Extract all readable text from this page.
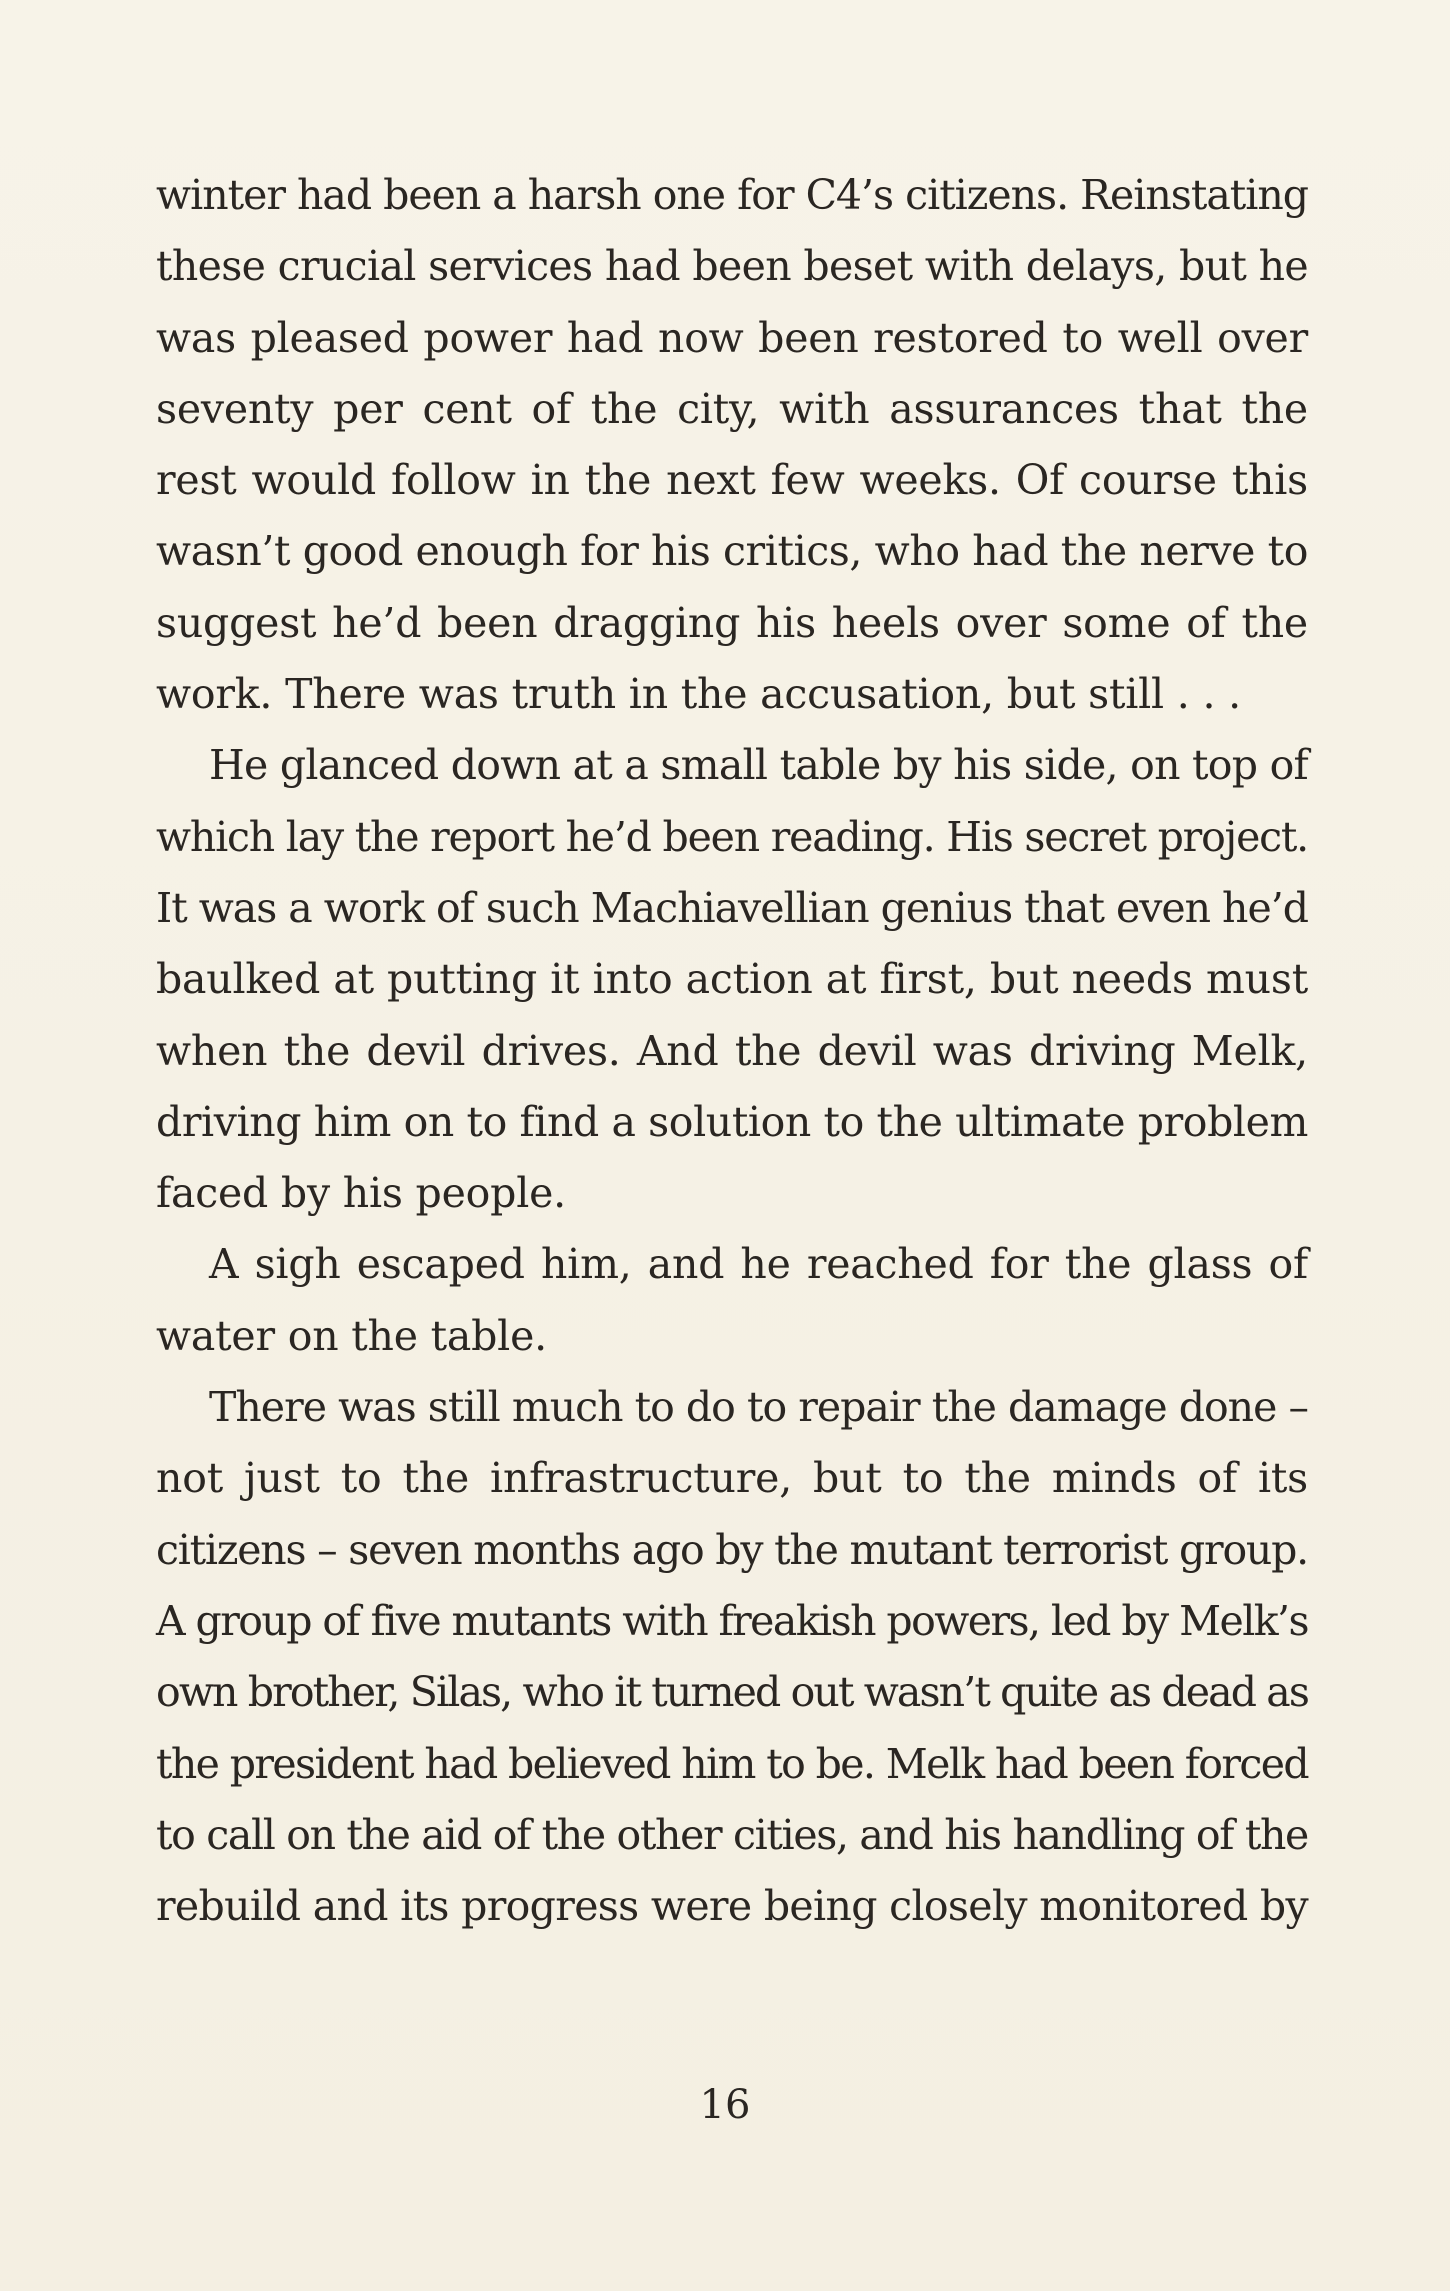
winter had been a harsh one for C4’s citizens. Reinstating
these crucial services had been beset with delays, but he
was pleased power had now been restored to well over
seventy per cent of the city, with assurances that the
rest would follow in the next few weeks. Of course this
wasn’t good enough for his critics, who had the nerve to
suggest he’d been dragging his heels over some of the
work. There was truth in the accusation, but still . . .

He glanced down at a small table by his side, on top of
which lay the report he’d been reading. His secret project.
It was a work of such Machiavellian genius that even he’d
baulked at putting it into action at first, but needs must
when the devil drives. And the devil was driving Melk,
driving him on to find a solution to the ultimate problem
faced by his people.

A sigh escaped him, and he reached for the glass of
water on the table.

There was still much to do to repair the damage done –
not just to the infrastructure, but to the minds of its
citizens – seven months ago by the mutant terrorist group.
A group of five mutants with freakish powers, led by Melk’s
own brother, Silas, who it turned out wasn’t quite as dead as
the president had believed him to be. Melk had been forced
to call on the aid of the other cities, and his handling of the
rebuild and its progress were being closely monitored by

16
